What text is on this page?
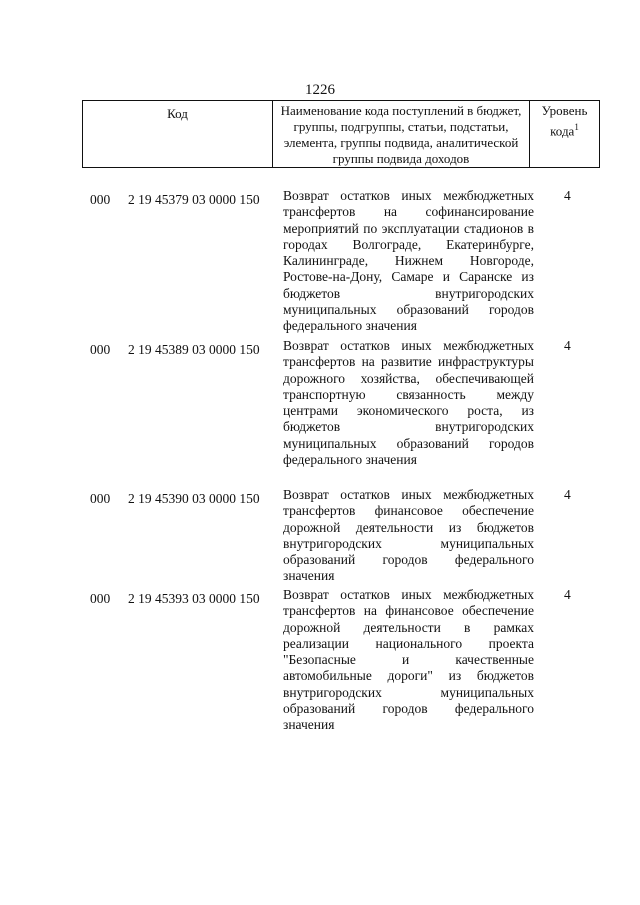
1226
Код	Наименование кода поступлений в бюджет, группы, подгруппы, статьи, подстатьи, элемента, группы подвида, аналитической группы подвида доходов
Уровень кода$^1$
000 2 19 45379 03 0000 150 Возврат остатков иных межбюджетных трансфертов на софинансирование мероприятий по эксплуатации стадионов в городах Волгограде, Екатеринбурге, Калининграде, Нижнем Новгороде, Ростове-на-Дону, Самаре и Саранске из бюджетов внутригородских муниципальных образований городов федерального значения
4
000 2 19 45389 03 0000 150 Возврат остатков иных межбюджетных трансфертов на развитие инфраструктуры дорожного хозяйства, обеспечивающей транспортную связанность между центрами экономического роста, из бюджетов внутригородских муниципальных образований городов федерального значения
4
000 2 19 45390 03 0000 150 Возврат остатков иных межбюджетных трансфертов финансовое обеспечение дорожной деятельности из бюджетов внутригородских муниципальных образований городов федерального значения
4
000 2 19 45393 03 0000 150 Возврат остатков иных межбюджетных трансфертов на финансовое обеспечение дорожной деятельности в рамках реализации национального проекта "Безопасные и качественные автомобильные дороги" из бюджетов внутригородских муниципальных образований городов федерального значения
4
